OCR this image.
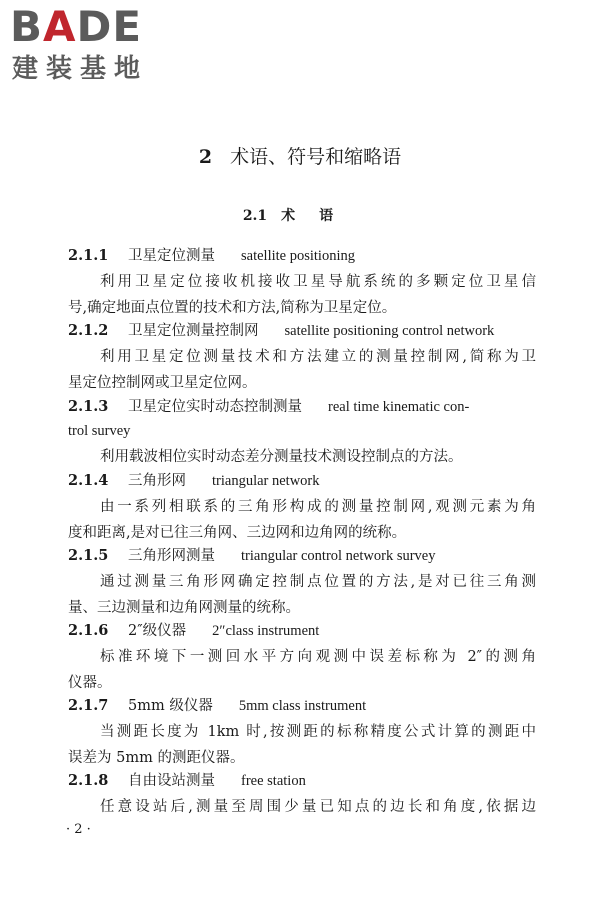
BADE
建装基地
2 术语、符号和缩略语
2.1 术语
2.1.1 卫星定位测量 satellite positioning
利用卫星定位接收机接收卫星导航系统的多颗定位卫星信
号,确定地面点位置的技术和方法,简称为卫星定位。
2.1.2 卫星定位测量控制网 satellite positioning control network
利用卫星定位测量技术和方法建立的测量控制网,简称为卫
星定位控制网或卫星定位网。
2.1.3 卫星定位实时动态控制测量 real time kinematic con-
trol survey
利用载波相位实时动态差分测量技术测设控制点的方法。
2.1.4 三角形网 triangular network
由一系列相联系的三角形构成的测量控制网,观测元素为角
度和距离,是对已往三角网、三边网和边角网的统称。
2.1.5 三角形网测量 triangular control network survey
通过测量三角形网确定控制点位置的方法,是对已往三角测
量、三边测量和边角网测量的统称。
2.1.6 2″级仪器 2″class instrument
标准环境下一测回水平方向观测中误差标称为 2″的测角
仪器。
2.1.7 5mm 级仪器 5mm class instrument
当测距长度为 1km 时,按测距的标称精度公式计算的测距中
误差为 5mm 的测距仪器。
2.1.8 自由设站测量 free station
任意设站后,测量至周围少量已知点的边长和角度,依据边
· 2 ·
